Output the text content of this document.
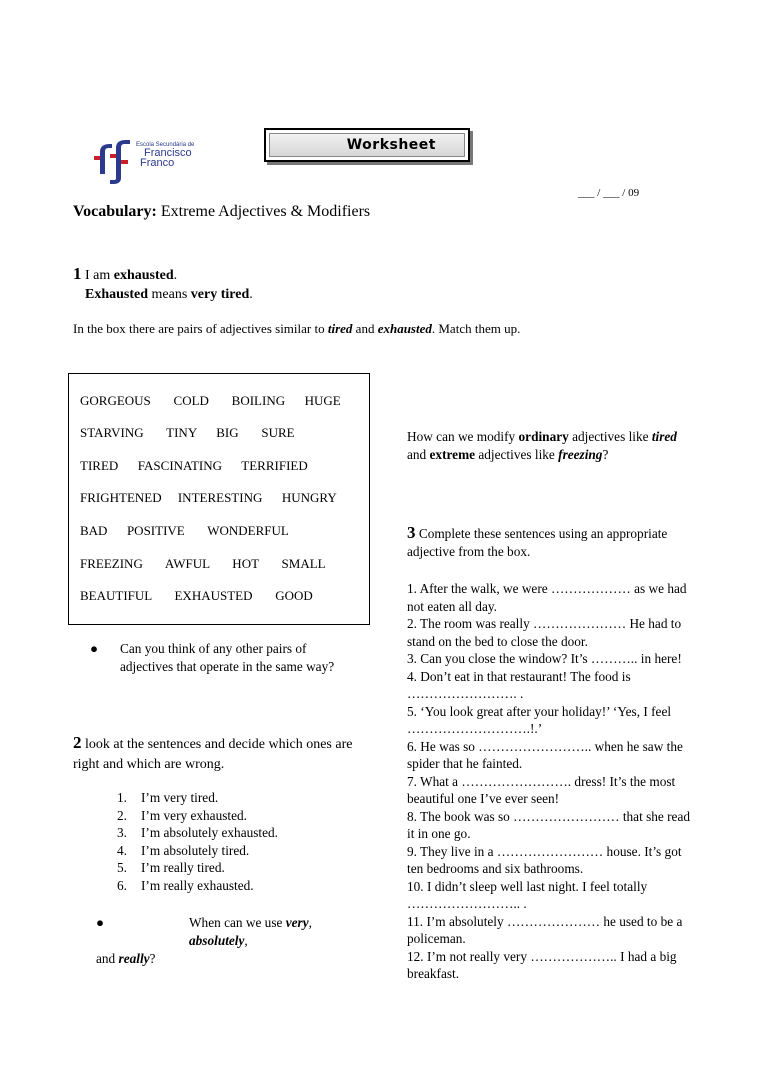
Escola Secundária de
Francisco
Franco
Worksheet
___ / ___ / 09
Vocabulary: Extreme Adjectives & Modifiers
1 I am exhausted.
Exhausted means very tired.
In the box there are pairs of adjectives similar to tired and exhausted. Match them up.
GORGEOUS       COLD       BOILING      HUGE
STARVING       TINY      BIG       SURE
TIRED      FASCINATING      TERRIFIED
FRIGHTENED     INTERESTING      HUNGRY
BAD      POSITIVE       WONDERFUL
FREEZING       AWFUL       HOT       SMALL
BEAUTIFUL       EXHAUSTED       GOOD
●	Can you think of any other pairs of adjectives that operate in the same way?
2 look at the sentences and decide which ones are right and which are wrong.
1. I’m very tired.
2. I’m very exhausted.
3. I’m absolutely exhausted.
4. I’m absolutely tired.
5. I’m really tired.
6. I’m really exhausted.
●	When can we use very,
absolutely,
and really?
How can we modify ordinary adjectives like tired and extreme adjectives like freezing?
3 Complete these sentences using an appropriate adjective from the box.
1. After the walk, we were ……………… as we had not eaten all day.
2. The room was really ………………… He had to stand on the bed to close the door.
3. Can you close the window? It’s ……….. in here!
4. Don’t eat in that restaurant! The food is ……………………. .
5. ‘You look great after your holiday!’ ‘Yes, I feel ……………………….!.’
6. He was so …………………….. when he saw the spider that he fainted.
7. What a ……………………. dress! It’s the most beautiful one I’ve ever seen!
8. The book was so …………………… that she read it in one go.
9. They live in a …………………… house. It’s got ten bedrooms and six bathrooms.
10. I didn’t sleep well last night. I feel totally …………………….. .
11. I’m absolutely ………………… he used to be a policeman.
12. I’m not really very ……………….. I had a big breakfast.
